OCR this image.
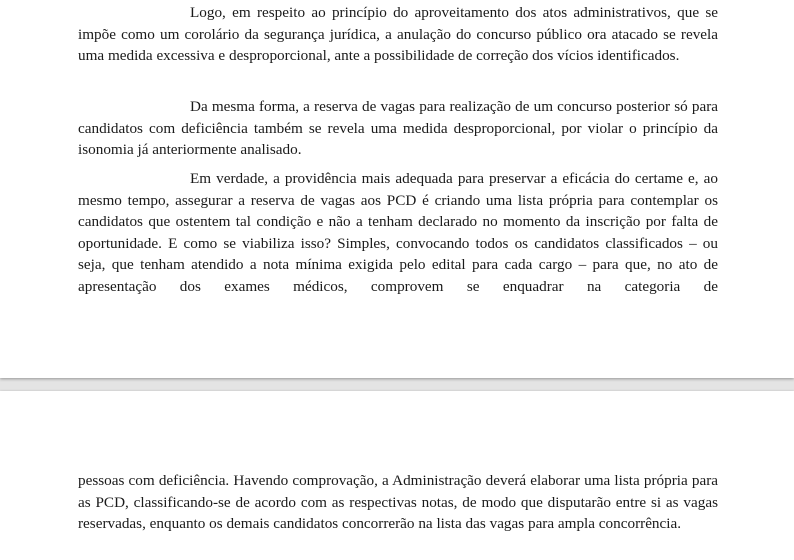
Logo, em respeito ao princípio do aproveitamento dos atos administrativos, que se impõe como um corolário da segurança jurídica, a anulação do concurso público ora atacado se revela uma medida excessiva e desproporcional, ante a possibilidade de correção dos vícios identificados.

Da mesma forma, a reserva de vagas para realização de um concurso posterior só para candidatos com deficiência também se revela uma medida desproporcional, por violar o princípio da isonomia já anteriormente analisado.

Em verdade, a providência mais adequada para preservar a eficácia do certame e, ao mesmo tempo, assegurar a reserva de vagas aos PCD é criando uma lista própria para contemplar os candidatos que ostentem tal condição e não a tenham declarado no momento da inscrição por falta de oportunidade. E como se viabiliza isso? Simples, convocando todos os candidatos classificados – ou seja, que tenham atendido a nota mínima exigida pelo edital para cada cargo – para que, no ato de apresentação dos exames médicos, comprovem se enquadrar na categoria de

pessoas com deficiência. Havendo comprovação, a Administração deverá elaborar uma lista própria para as PCD, classificando-se de acordo com as respectivas notas, de modo que disputarão entre si as vagas reservadas, enquanto os demais candidatos concorrerão na lista das vagas para ampla concorrência.
